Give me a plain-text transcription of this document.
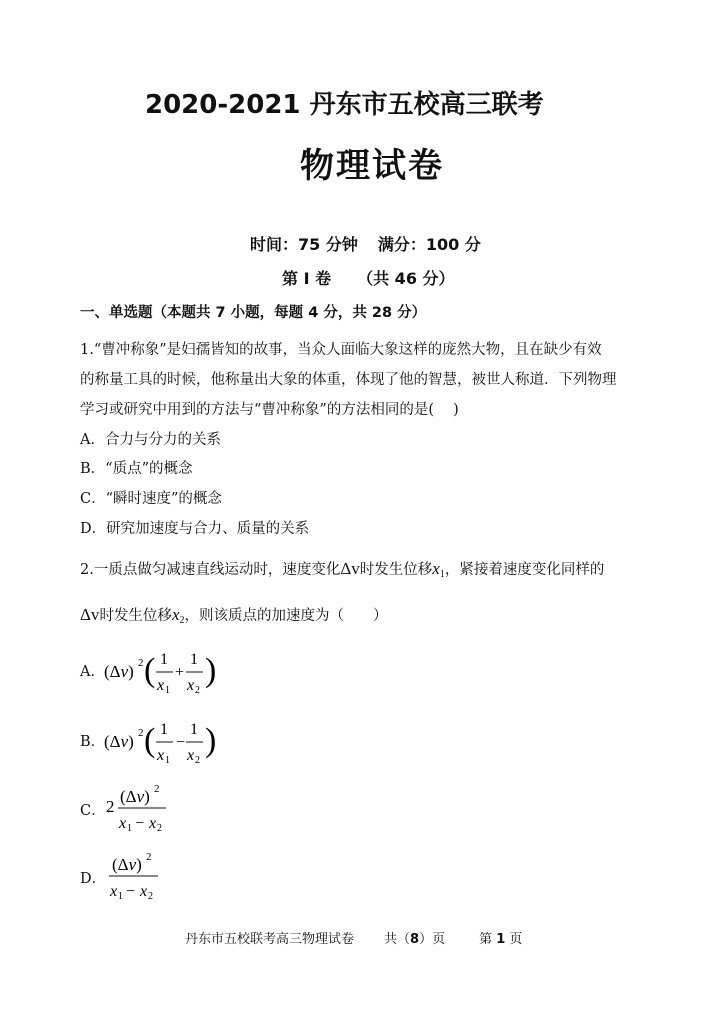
2020-2021 丹东市五校高三联考
物理试卷
时间：75 分钟 满分：100 分
第 I 卷 （共 46 分）
一、单选题（本题共 7 小题，每题 4 分，共 28 分）
1.“曹冲称象”是妇孺皆知的故事，当众人面临大象这样的庞然大物，且在缺少有效
的称量工具的时候，他称量出大象的体重，体现了他的智慧，被世人称道．下列物理
学习或研究中用到的方法与“曹冲称象”的方法相同的是(　 )
A．合力与分力的关系
B．“质点”的概念
C．“瞬时速度”的概念
D．研究加速度与合力、质量的关系
2.一质点做匀减速直线运动时，速度变化Δv时发生位移$x_1$，紧接着速度变化同样的
Δv时发生位移$x_2$，则该质点的加速度为（　　）
A． (Δv) 2 ( 1
x 1
+
1
x 2
)
B．
(Δv) 2 ( 1
x 1
−
1
x 2
)
C． 2
(Δv) 2
x 1 − x 2
D．
(Δv) 2
x 1 − x 2
丹东市五校联考高三物理试卷 共（8）页	第 1 页
